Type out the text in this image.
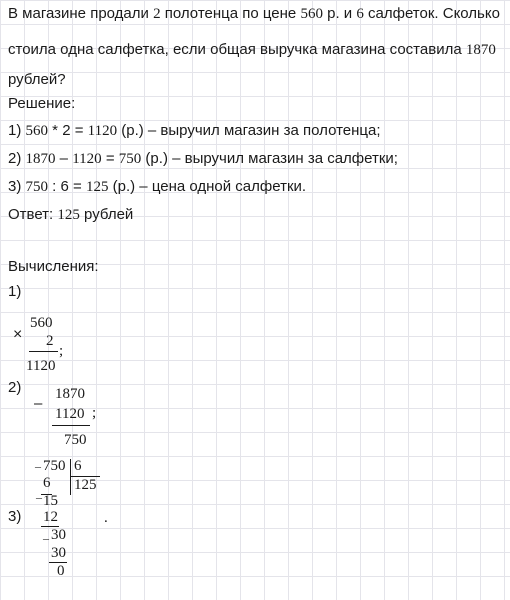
В магазине продали 2 полотенца по цене 560 р. и 6 салфеток. Сколько
стоила одна салфетка, если общая выручка магазина составила 1870
рублей?
Решение:
1) 560 * 2 = 1120 (р.) – выручил магазин за полотенца;
2) 1870 – 1120 = 750 (р.) – выручил магазин за салфетки;
3) 750 : 6 = 125 (р.) – цена одной салфетки.
Ответ: 125 рублей
Вычисления:
1)
×
560
2
;
1120
2)
–
1870
1120 ;
750
3)
– 750 6
125
6
– 15
12
– 30
30
0
.
